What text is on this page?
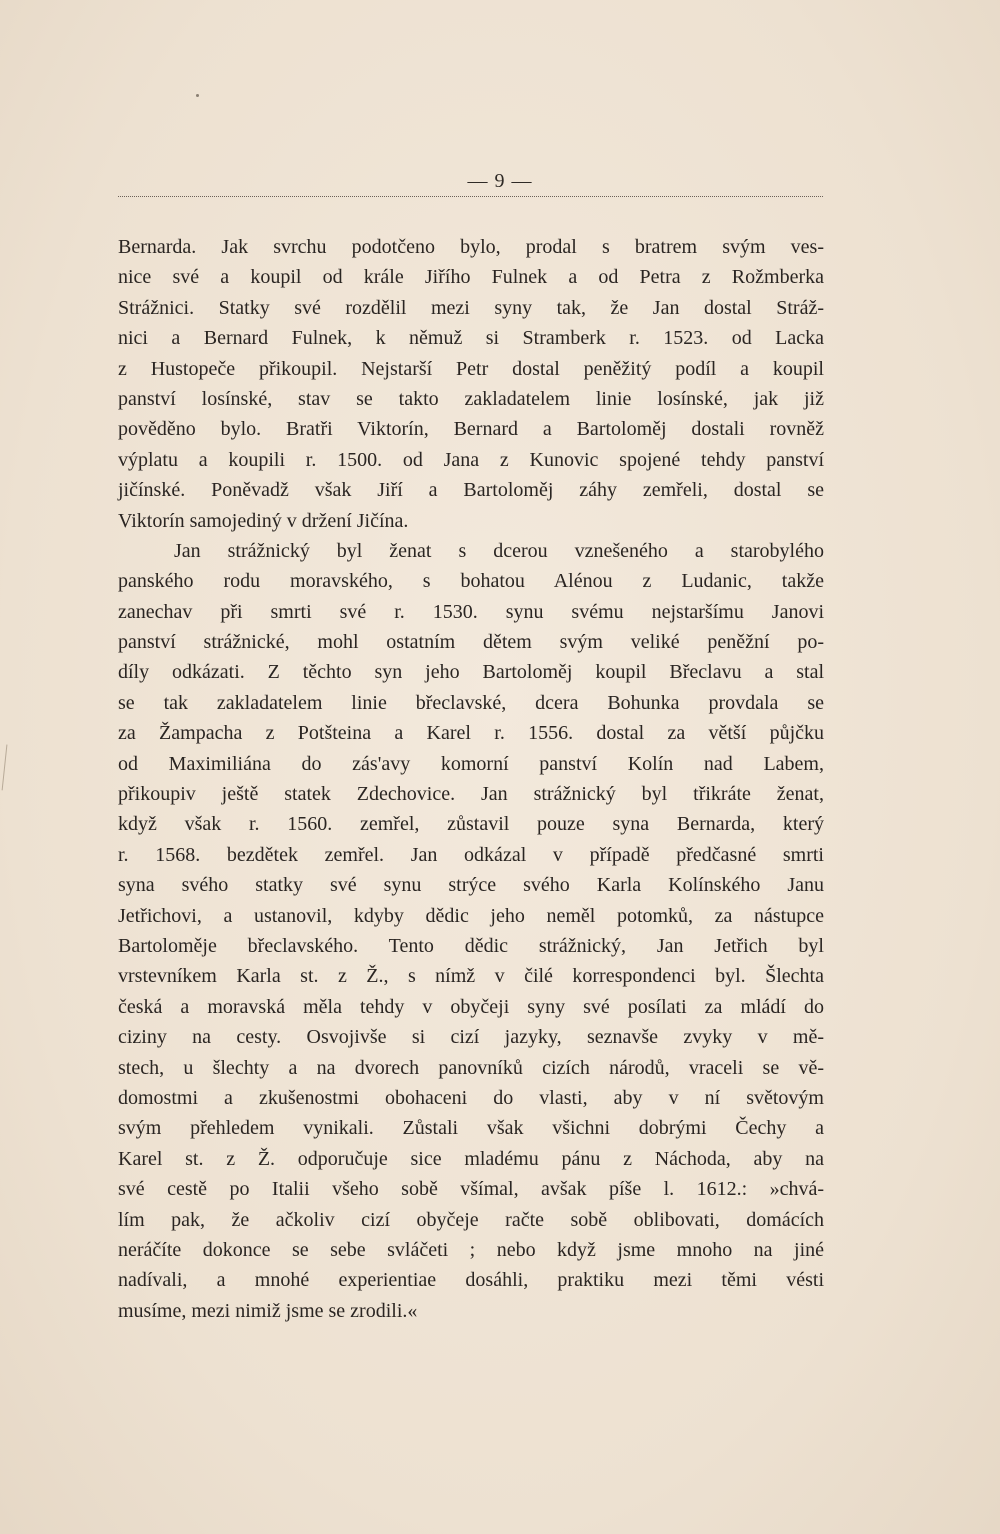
— 9 —
Bernarda. Jak svrchu podotčeno bylo, prodal s bratrem svým ves-
nice své a koupil od krále Jiřího Fulnek a od Petra z Rožmberka
Strážnici. Statky své rozdělil mezi syny tak, že Jan dostal Stráž-
nici a Bernard Fulnek, k němuž si Stramberk r. 1523. od Lacka
z Hustopeče přikoupil. Nejstarší Petr dostal peněžitý podíl a koupil
panství losínské, stav se takto zakladatelem linie losínské, jak již
pověděno bylo. Bratři Viktorín, Bernard a Bartoloměj dostali rovněž
výplatu a koupili r. 1500. od Jana z Kunovic spojené tehdy panství
jičínské. Poněvadž však Jiří a Bartoloměj záhy zemřeli, dostal se
Viktorín samojediný v držení Jičína.
Jan strážnický byl ženat s dcerou vznešeného a starobylého
panského rodu moravského, s bohatou Alénou z Ludanic, takže
zanechav při smrti své r. 1530. synu svému nejstaršímu Janovi
panství strážnické, mohl ostatním dětem svým veliké peněžní po-
díly odkázati. Z těchto syn jeho Bartoloměj koupil Břeclavu a stal
se tak zakladatelem linie břeclavské, dcera Bohunka provdala se
za Žampacha z Potšteina a Karel r. 1556. dostal za větší půjčku
od Maximiliána do zás'avy komorní panství Kolín nad Labem,
přikoupiv ještě statek Zdechovice. Jan strážnický byl třikráte ženat,
když však r. 1560. zemřel, zůstavil pouze syna Bernarda, který
r. 1568. bezdětek zemřel. Jan odkázal v případě předčasné smrti
syna svého statky své synu strýce svého Karla Kolínského Janu
Jetřichovi, a ustanovil, kdyby dědic jeho neměl potomků, za nástupce
Bartoloměje břeclavského. Tento dědic strážnický, Jan Jetřich byl
vrstevníkem Karla st. z Ž., s nímž v čilé korrespondenci byl. Šlechta
česká a moravská měla tehdy v obyčeji syny své posílati za mládí do
ciziny na cesty. Osvojivše si cizí jazyky, seznavše zvyky v mě-
stech, u šlechty a na dvorech panovníků cizích národů, vraceli se vě-
domostmi a zkušenostmi obohaceni do vlasti, aby v ní světovým
svým přehledem vynikali. Zůstali však všichni dobrými Čechy a
Karel st. z Ž. odporučuje sice mladému pánu z Náchoda, aby na
své cestě po Italii všeho sobě všímal, avšak píše l. 1612.: »chvá-
lím pak, že ačkoliv cizí obyčeje račte sobě oblibovati, domácích
neráčíte dokonce se sebe svláčeti ; nebo když jsme mnoho na jiné
nadívali, a mnohé experientiae dosáhli, praktiku mezi těmi vésti
musíme, mezi nimiž jsme se zrodili.«
